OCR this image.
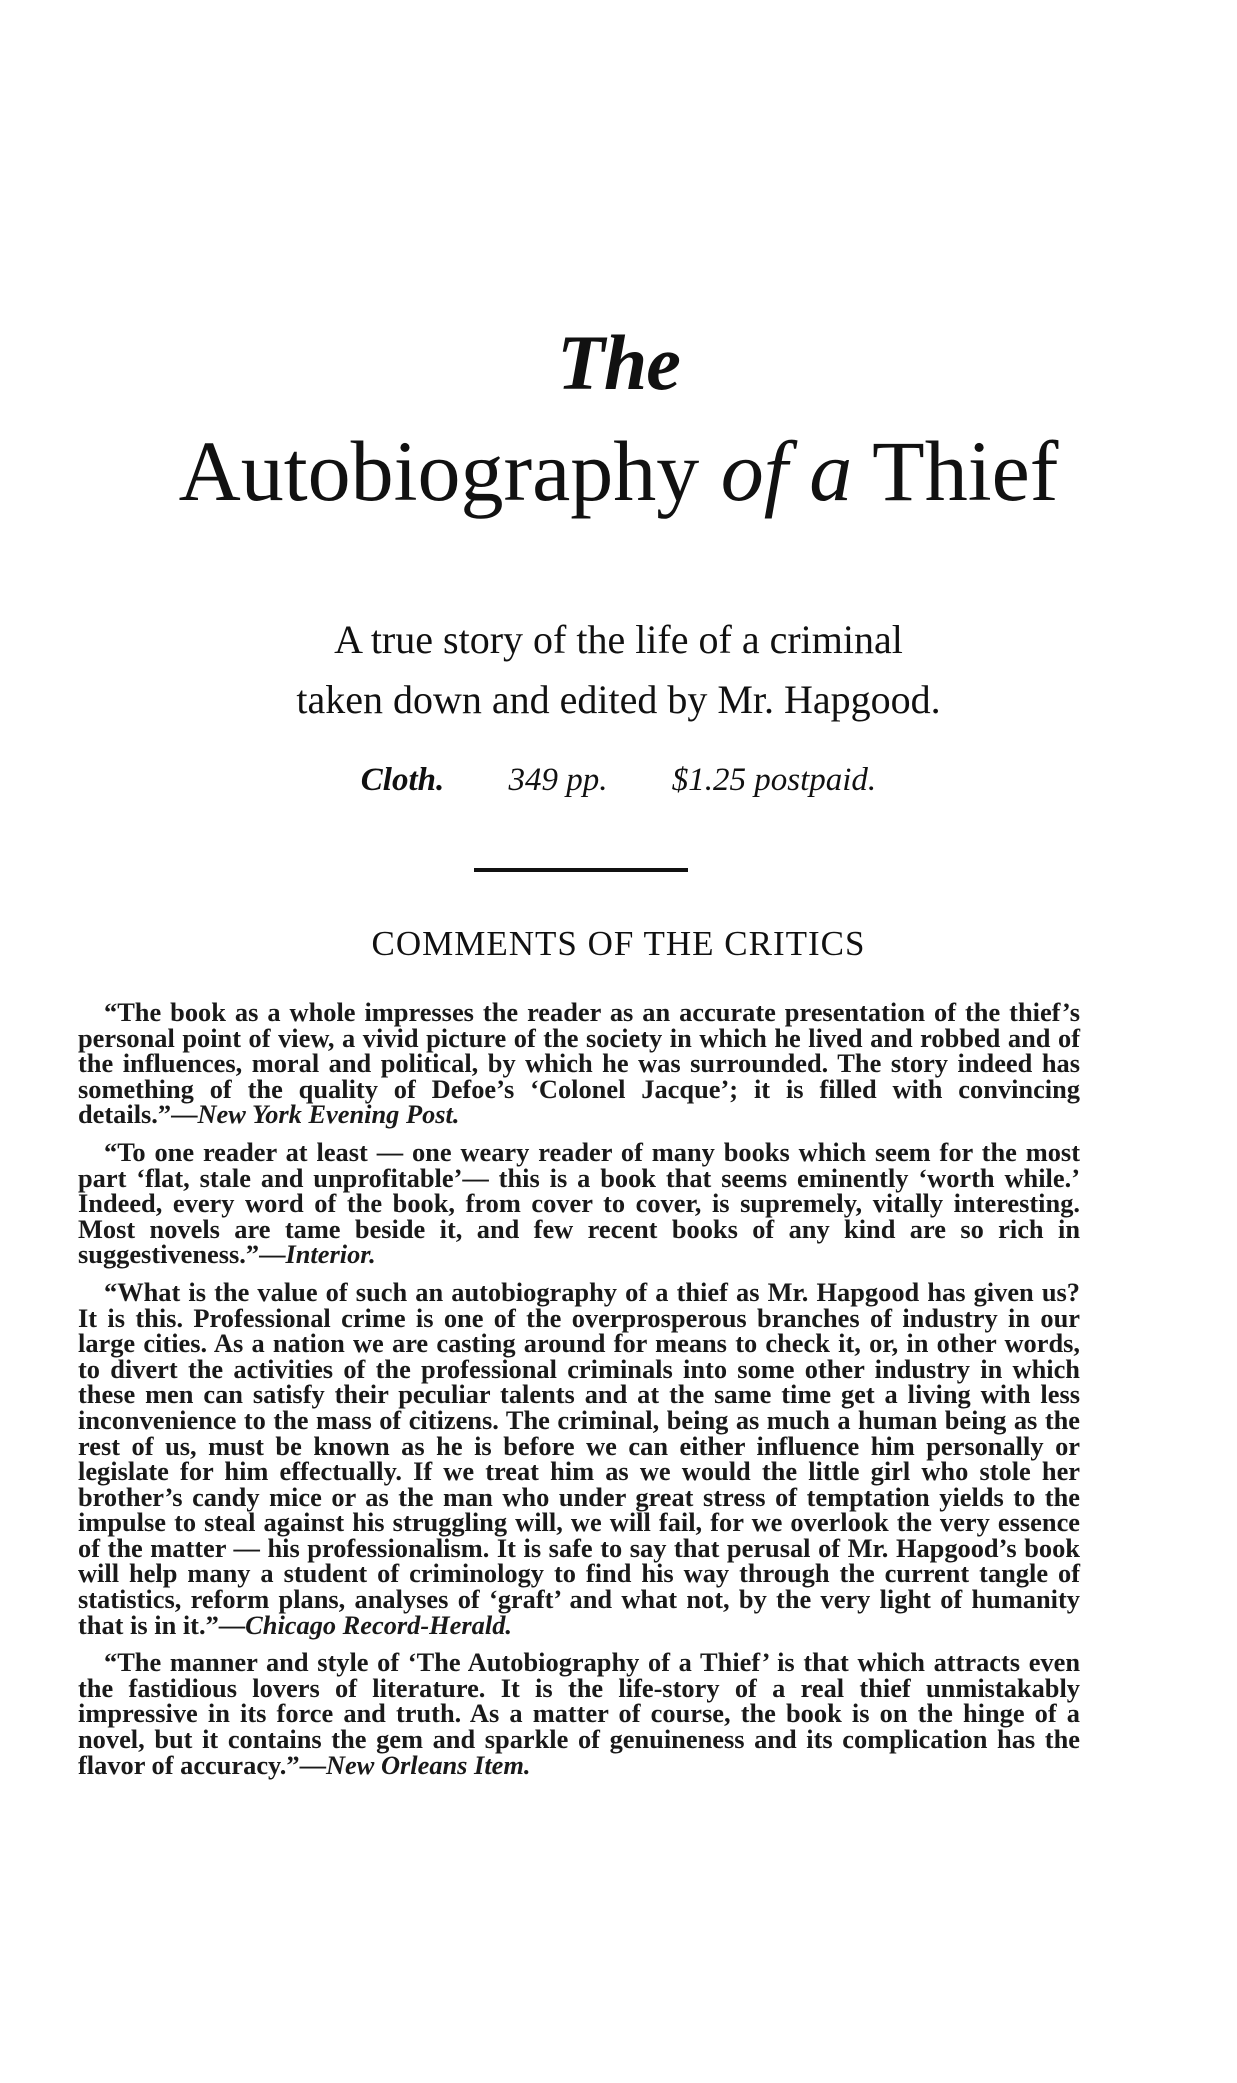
The
Autobiography of a Thief
A true story of the life of a criminal
taken down and edited by Mr. Hapgood.
Cloth. 349 pp. $1.25 postpaid.
COMMENTS OF THE CRITICS

“The book as a whole impresses the reader as an accurate presentation of the thief’s personal point of view, a vivid picture of the society in which he lived and robbed and of the influences, moral and political, by which he was surrounded. The story indeed has something of the quality of Defoe’s ‘Colonel Jacque’; it is filled with convincing details.”—New York Evening Post.

“To one reader at least — one weary reader of many books which seem for the most part ‘flat, stale and unprofitable’— this is a book that seems eminently ‘worth while.’ Indeed, every word of the book, from cover to cover, is supremely, vitally interesting. Most novels are tame beside it, and few recent books of any kind are so rich in suggestiveness.”—Interior.

“What is the value of such an autobiography of a thief as Mr. Hapgood has given us? It is this. Professional crime is one of the overprosperous branches of industry in our large cities. As a nation we are casting around for means to check it, or, in other words, to divert the activities of the professional criminals into some other industry in which these men can satisfy their peculiar talents and at the same time get a living with less inconvenience to the mass of citizens. The criminal, being as much a human being as the rest of us, must be known as he is before we can either influence him personally or legislate for him effectually. If we treat him as we would the little girl who stole her brother’s candy mice or as the man who under great stress of temptation yields to the impulse to steal against his struggling will, we will fail, for we overlook the very essence of the matter — his professionalism. It is safe to say that perusal of Mr. Hapgood’s book will help many a student of criminology to find his way through the current tangle of statistics, reform plans, analyses of ‘graft’ and what not, by the very light of humanity that is in it.”—Chicago Record-Herald.

“The manner and style of ‘The Autobiography of a Thief’ is that which attracts even the fastidious lovers of literature. It is the life-story of a real thief unmistakably impressive in its force and truth. As a matter of course, the book is on the hinge of a novel, but it contains the gem and sparkle of genuineness and its complication has the flavor of accuracy.”—New Orleans Item.
